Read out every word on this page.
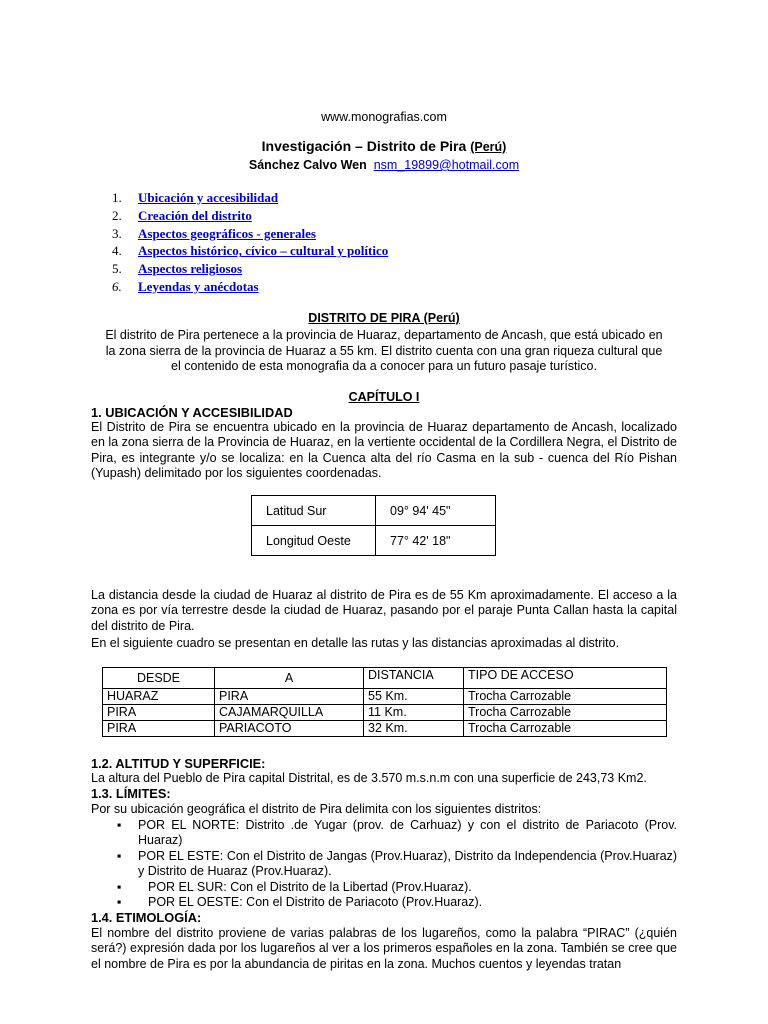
www.monografias.com
Investigación – Distrito de Pira (Perú)
Sánchez Calvo Wen nsm_19899@hotmail.com
1.	Ubicación y accesibilidad
2.	Creación del distrito
3.	Aspectos geográficos - generales
4.	Aspectos histórico, cívico – cultural y político
5.	Aspectos religiosos
6.	Leyendas y anécdotas
DISTRITO DE PIRA (Perú)
El distrito de Pira pertenece a la provincia de Huaraz, departamento de Ancash, que está ubicado en
la zona sierra de la provincia de Huaraz a 55 km. El distrito cuenta con una gran riqueza cultural que
el contenido de esta monografia da a conocer para un futuro pasaje turístico.
CAPÍTULO I
1. UBICACIÓN Y ACCESIBILIDAD
El Distrito de Pira se encuentra ubicado en la provincia de Huaraz departamento de Ancash, localizado en la zona sierra de la Provincia de Huaraz, en la vertiente occidental de la Cordillera Negra, el Distrito de Pira, es integrante y/o se localiza: en la Cuenca alta del río Casma en la sub - cuenca del Río Pishan (Yupash) delimitado por los siguientes coordenadas.
Latitud Sur	09° 94' 45"
Longitud Oeste	77° 42' 18"
La distancia desde la ciudad de Huaraz al distrito de Pira es de 55 Km aproximadamente. El acceso a la zona es por vía terrestre desde la ciudad de Huaraz, pasando por el paraje Punta Callan hasta la capital del distrito de Pira.
En el siguiente cuadro se presentan en detalle las rutas y las distancias aproximadas al distrito.
DESDE	A	DISTANCIA	TIPO DE ACCESO
HUARAZ	PIRA	55 Km.	Trocha Carrozable
PIRA	CAJAMARQUILLA	11 Km.	Trocha Carrozable
PIRA	PARIACOTO	32 Km.	Trocha Carrozable
1.2. ALTITUD Y SUPERFICIE:
La altura del Pueblo de Pira capital Distrital, es de 3.570 m.s.n.m con una superficie de 243,73 Km2.
1.3. LÍMITES:
Por su ubicación geográfica el distrito de Pira delimita con los siguientes distritos:
▪ POR EL NORTE: Distrito .de Yugar (prov. de Carhuaz) y con el distrito de Pariacoto (Prov. Huaraz)
▪ POR EL ESTE: Con el Distrito de Jangas (Prov.Huaraz), Distrito da Independencia (Prov.Huaraz) y Distrito de Huaraz (Prov.Huaraz).
▪ POR EL SUR: Con el Distrito de la Libertad (Prov.Huaraz).
▪ POR EL OESTE: Con el Distrito de Pariacoto (Prov.Huaraz).
1.4. ETIMOLOGÍA:
El nombre del distrito proviene de varias palabras de los lugareños, como la palabra “PIRAC” (¿quién será?) expresión dada por los lugareños al ver a los primeros españoles en la zona. También se cree que el nombre de Pira es por la abundancia de piritas en la zona. Muchos cuentos y leyendas tratan
